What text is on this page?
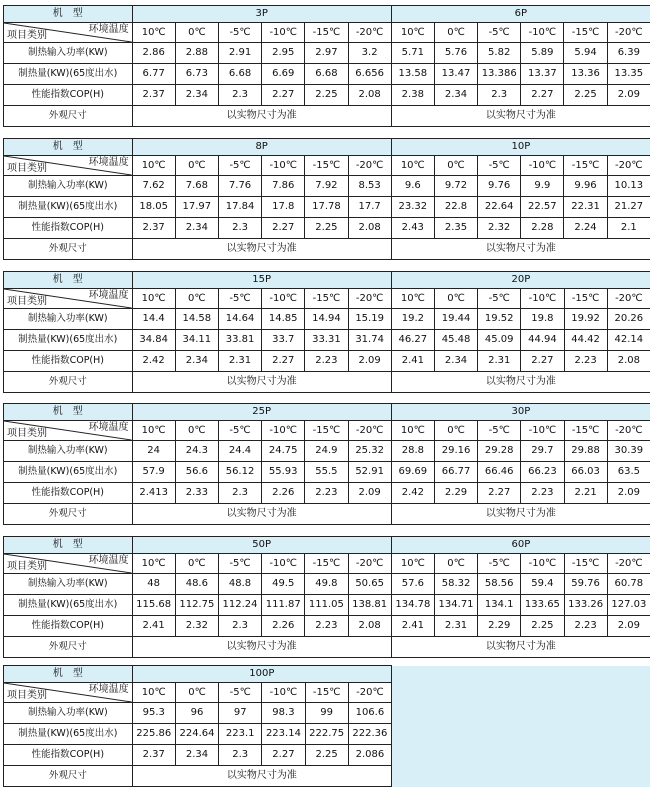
机　型	3P						6P					

环境温度
项目类别	10℃	0℃	-5℃	-10℃	-15℃	-20℃	10℃	0℃	-5℃	-10℃	-15℃	-20℃
制热输入功率(KW)	2.86	2.88	2.91	2.95	2.97	3.2	5.71	5.76	5.82	5.89	5.94	6.39
制热量(KW)(65度出水)	6.77	6.73	6.68	6.69	6.68	6.656	13.58	13.47	13.386	13.37	13.36	13.35
性能指数COP(H)	2.37	2.34	2.3	2.27	2.25	2.08	2.38	2.34	2.3	2.27	2.25	2.09
外观尺寸	以实物尺寸为准						以实物尺寸为准					
机　型	8P						10P					

环境温度
项目类别	10℃	0℃	-5℃	-10℃	-15℃	-20℃	10℃	0℃	-5℃	-10℃	-15℃	-20℃
制热输入功率(KW)	7.62	7.68	7.76	7.86	7.92	8.53	9.6	9.72	9.76	9.9	9.96	10.13
制热量(KW)(65度出水)	18.05	17.97	17.84	17.8	17.78	17.7	23.32	22.8	22.64	22.57	22.31	21.27
性能指数COP(H)	2.37	2.34	2.3	2.27	2.25	2.08	2.43	2.35	2.32	2.28	2.24	2.1
外观尺寸	以实物尺寸为准						以实物尺寸为准					
机　型	15P						20P					

环境温度
项目类别	10℃	0℃	-5℃	-10℃	-15℃	-20℃	10℃	0℃	-5℃	-10℃	-15℃	-20℃
制热输入功率(KW)	14.4	14.58	14.64	14.85	14.94	15.19	19.2	19.44	19.52	19.8	19.92	20.26
制热量(KW)(65度出水)	34.84	34.11	33.81	33.7	33.31	31.74	46.27	45.48	45.09	44.94	44.42	42.14
性能指数COP(H)	2.42	2.34	2.31	2.27	2.23	2.09	2.41	2.34	2.31	2.27	2.23	2.08
外观尺寸	以实物尺寸为准						以实物尺寸为准					
机　型	25P						30P					

环境温度
项目类别	10℃	0℃	-5℃	-10℃	-15℃	-20℃	10℃	0℃	-5℃	-10℃	-15℃	-20℃
制热输入功率(KW)	24	24.3	24.4	24.75	24.9	25.32	28.8	29.16	29.28	29.7	29.88	30.39
制热量(KW)(65度出水)	57.9	56.6	56.12	55.93	55.5	52.91	69.69	66.77	66.46	66.23	66.03	63.5
性能指数COP(H)	2.413	2.33	2.3	2.26	2.23	2.09	2.42	2.29	2.27	2.23	2.21	2.09
外观尺寸	以实物尺寸为准						以实物尺寸为准					
机　型	50P						60P					

环境温度
项目类别	10℃	0℃	-5℃	-10℃	-15℃	-20℃	10℃	0℃	-5℃	-10℃	-15℃	-20℃
制热输入功率(KW)	48	48.6	48.8	49.5	49.8	50.65	57.6	58.32	58.56	59.4	59.76	60.78
制热量(KW)(65度出水)	115.68	112.75	112.24	111.87	111.05	138.81	134.78	134.71	134.1	133.65	133.26	127.03
性能指数COP(H)	2.41	2.32	2.3	2.26	2.23	2.08	2.41	2.31	2.29	2.25	2.23	2.09
外观尺寸	以实物尺寸为准						以实物尺寸为准					
机　型	100P						

环境温度
项目类别	10℃	0℃	-5℃	-10℃	-15℃	-20℃	
制热输入功率(KW)	95.3	96	97	98.3	99	106.6	
制热量(KW)(65度出水)	225.86	224.64	223.1	223.14	222.75	222.36	
性能指数COP(H)	2.37	2.34	2.3	2.27	2.25	2.086	
外观尺寸	以实物尺寸为准						
